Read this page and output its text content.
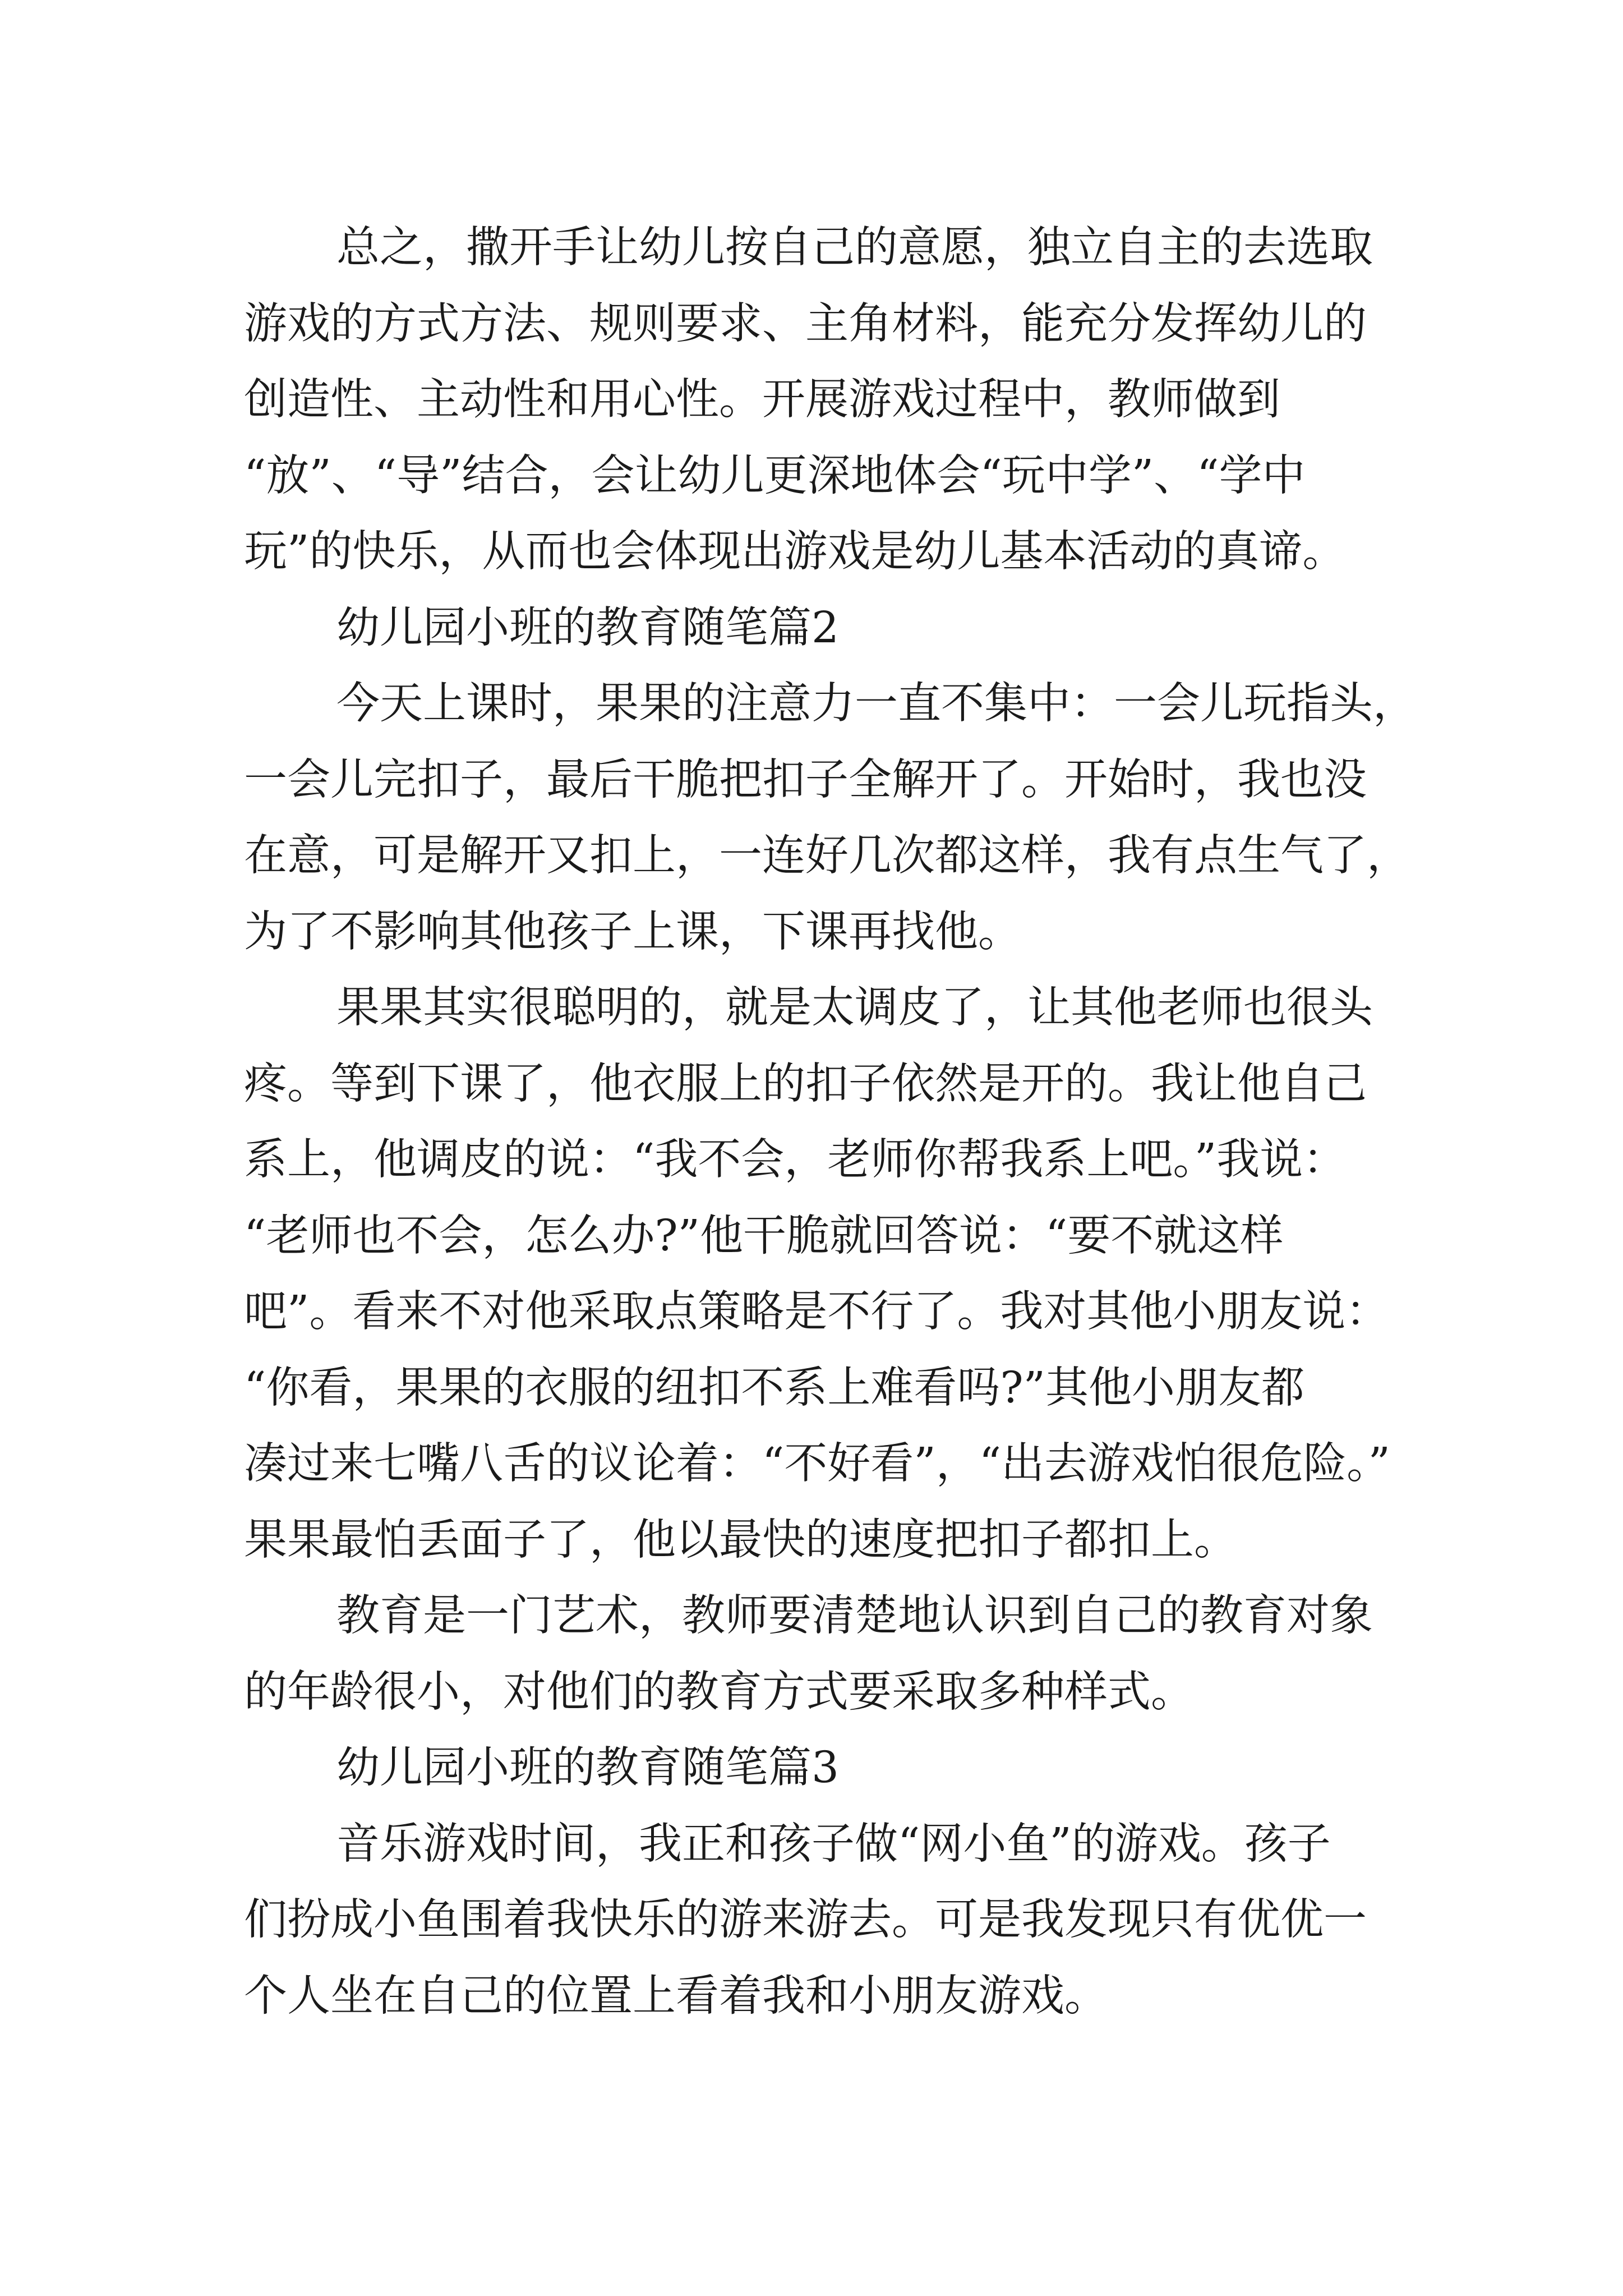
总之，撒开手让幼儿按自己的意愿，独立自主的去选取
游戏的方式方法、规则要求、主角材料，能充分发挥幼儿的
创造性、主动性和用心性。开展游戏过程中，教师做到
“放”、“导”结合，会让幼儿更深地体会“玩中学”、“学中
玩”的快乐，从而也会体现出游戏是幼儿基本活动的真谛。
幼儿园小班的教育随笔篇2
今天上课时，果果的注意力一直不集中：一会儿玩指头，
一会儿完扣子，最后干脆把扣子全解开了。开始时，我也没
在意，可是解开又扣上，一连好几次都这样，我有点生气了，
为了不影响其他孩子上课，下课再找他。
果果其实很聪明的，就是太调皮了，让其他老师也很头
疼。等到下课了，他衣服上的扣子依然是开的。我让他自己
系上，他调皮的说：“我不会，老师你帮我系上吧。”我说：
“老师也不会，怎么办?”他干脆就回答说：“要不就这样
吧”。看来不对他采取点策略是不行了。我对其他小朋友说：
“你看，果果的衣服的纽扣不系上难看吗?”其他小朋友都
凑过来七嘴八舌的议论着：“不好看”，“出去游戏怕很危险。”
果果最怕丢面子了，他以最快的速度把扣子都扣上。
教育是一门艺术，教师要清楚地认识到自己的教育对象
的年龄很小，对他们的教育方式要采取多种样式。
幼儿园小班的教育随笔篇3
音乐游戏时间，我正和孩子做“网小鱼”的游戏。孩子
们扮成小鱼围着我快乐的游来游去。可是我发现只有优优一
个人坐在自己的位置上看着我和小朋友游戏。
